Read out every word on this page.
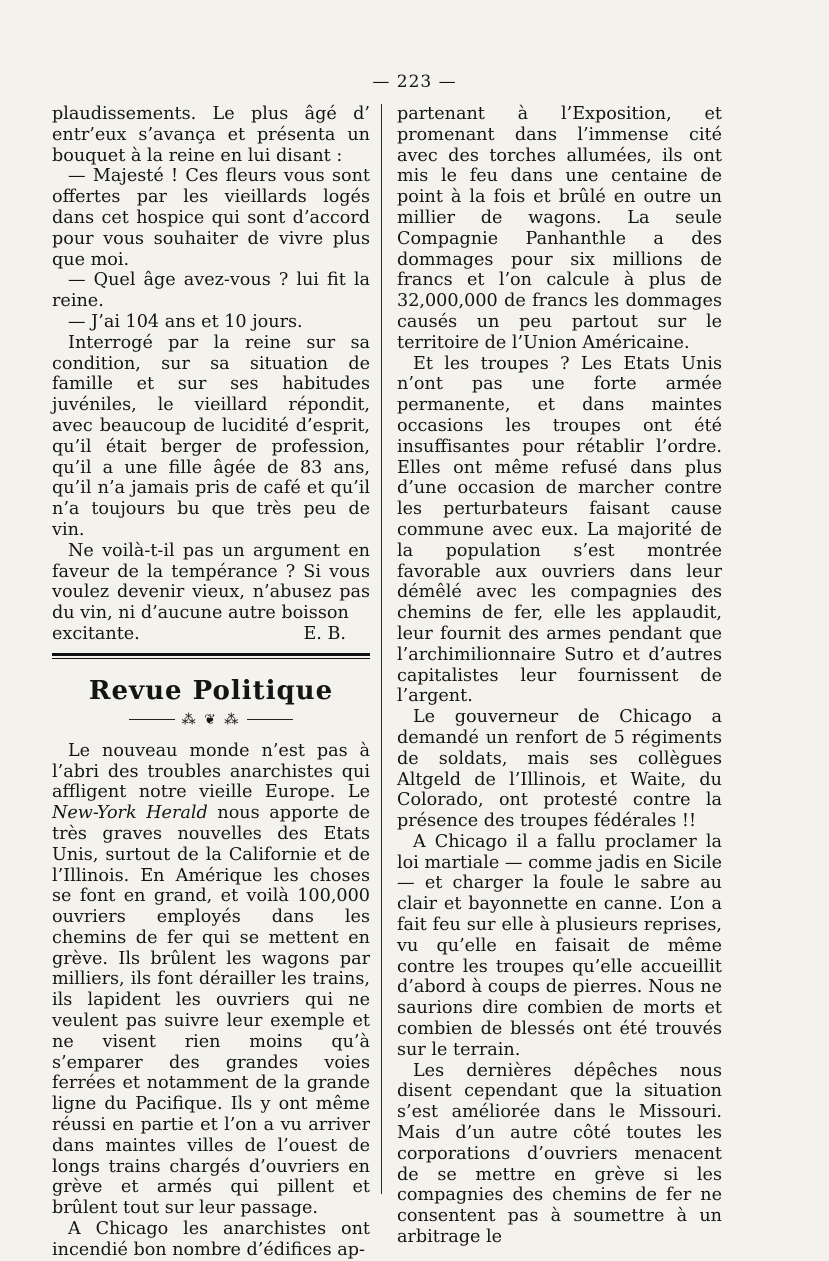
— 223 —

plaudissements. Le plus âgé d’ entr’eux s’avança et présenta un bouquet à la reine en lui disant :

— Majesté ! Ces fleurs vous sont offertes par les vieillards logés dans cet hospice qui sont d’accord pour vous souhaiter de vivre plus que moi.

— Quel âge avez-vous ? lui fit la reine.

— J’ai 104 ans et 10 jours.

Interrogé par la reine sur sa condition, sur sa situation de famille et sur ses habitudes juvéniles, le vieillard répondit, avec beaucoup de lucidité d’esprit, qu’il était berger de profession, qu’il a une fille âgée de 83 ans, qu’il n’a jamais pris de café et qu’il n’a toujours bu que très peu de vin.

Ne voilà-t-il pas un argument en faveur de la tempérance ? Si vous voulez devenir vieux, n’abusez pas du vin, ni d’aucune autre boisson

excitante.	E. B.
Revue Politique
⁂ ❦ ⁂

Le nouveau monde n’est pas à l’abri des troubles anarchistes qui affligent notre vieille Europe. Le New-York Herald nous apporte de très graves nouvelles des Etats Unis, surtout de la Californie et de l’Illinois. En Amérique les choses se font en grand, et voilà 100,000 ouvriers employés dans les chemins de fer qui se mettent en grève. Ils brûlent les wagons par milliers, ils font dérailler les trains, ils lapident les ouvriers qui ne veulent pas suivre leur exemple et ne visent rien moins qu’à s’emparer des grandes voies ferrées et notamment de la grande ligne du Pacifique. Ils y ont même réussi en partie et l’on a vu arriver dans maintes villes de l’ouest de longs trains chargés d’ouvriers en grève et armés qui pillent et brûlent tout sur leur passage.

A Chicago les anarchistes ont incendié bon nombre d’édifices ap-

partenant à l’Exposition, et promenant dans l’immense cité avec des torches allumées, ils ont mis le feu dans une centaine de point à la fois et brûlé en outre un millier de wagons. La seule Compagnie Panhanthle a des dommages pour six millions de francs et l’on calcule à plus de 32,000,000 de francs les dommages causés un peu partout sur le territoire de l’Union Américaine.

Et les troupes ? Les Etats Unis n’ont pas une forte armée permanente, et dans maintes occasions les troupes ont été insuffisantes pour rétablir l’ordre. Elles ont même refusé dans plus d’une occasion de marcher contre les perturbateurs faisant cause commune avec eux. La majorité de la population s’est montrée favorable aux ouvriers dans leur démêlé avec les compagnies des chemins de fer, elle les applaudit, leur fournit des armes pendant que l’archimilionnaire Sutro et d’autres capitalistes leur fournissent de l’argent.

Le gouverneur de Chicago a demandé un renfort de 5 régiments de soldats, mais ses collègues Altgeld de l’Illinois, et Waite, du Colorado, ont protesté contre la présence des troupes fédérales !!

A Chicago il a fallu proclamer la loi martiale — comme jadis en Sicile — et charger la foule le sabre au clair et bayonnette en canne. L’on a fait feu sur elle à plusieurs reprises, vu qu’elle en faisait de même contre les troupes qu’elle accueillit d’abord à coups de pierres. Nous ne saurions dire combien de morts et combien de blessés ont été trouvés sur le terrain.

Les dernières dépêches nous disent cependant que la situation s’est améliorée dans le Missouri. Mais d’un autre côté toutes les corporations d’ouvriers menacent de se mettre en grève si les compagnies des chemins de fer ne consentent pas à soumettre à un arbitrage le
